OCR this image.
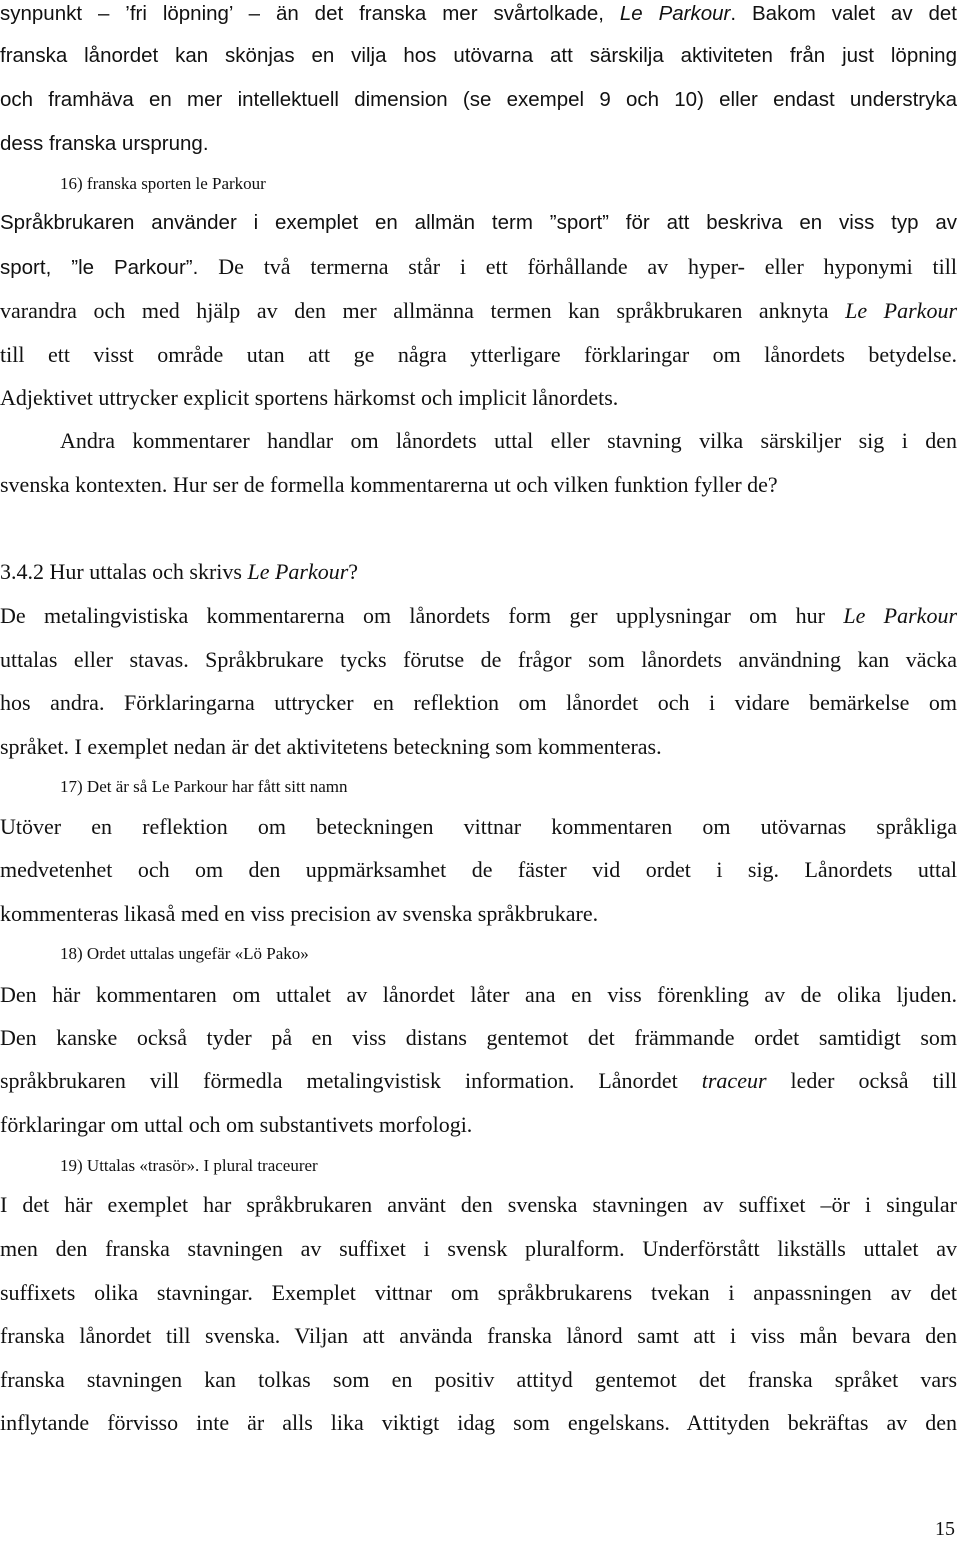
synpunkt – ’fri löpning’ – än det franska mer svårtolkade, Le Parkour. Bakom valet av det

franska lånordet kan skönjas en vilja hos utövarna att särskilja aktiviteten från just löpning

och framhäva en mer intellektuell dimension (se exempel 9 och 10) eller endast understryka

dess franska ursprung.

16) franska sporten le Parkour

Språkbrukaren använder i exemplet en allmän term ”sport” för att beskriva en viss typ av

sport, ”le Parkour”. De två termerna står i ett förhållande av hyper- eller hyponymi till

varandra och med hjälp av den mer allmänna termen kan språkbrukaren anknyta Le Parkour

till ett visst område utan att ge några ytterligare förklaringar om lånordets betydelse.

Adjektivet uttrycker explicit sportens härkomst och implicit lånordets.

Andra kommentarer handlar om lånordets uttal eller stavning vilka särskiljer sig i den

svenska kontexten. Hur ser de formella kommentarerna ut och vilken funktion fyller de?

3.4.2 Hur uttalas och skrivs Le Parkour?

De metalingvistiska kommentarerna om lånordets form ger upplysningar om hur Le Parkour

uttalas eller stavas. Språkbrukare tycks förutse de frågor som lånordets användning kan väcka

hos andra. Förklaringarna uttrycker en reflektion om lånordet och i vidare bemärkelse om

språket. I exemplet nedan är det aktivitetens beteckning som kommenteras.

17) Det är så Le Parkour har fått sitt namn

Utöver en reflektion om beteckningen vittnar kommentaren om utövarnas språkliga

medvetenhet och om den uppmärksamhet de fäster vid ordet i sig. Lånordets uttal

kommenteras likaså med en viss precision av svenska språkbrukare.

18) Ordet uttalas ungefär «Lö Pako»

Den här kommentaren om uttalet av lånordet låter ana en viss förenkling av de olika ljuden.

Den kanske också tyder på en viss distans gentemot det främmande ordet samtidigt som

språkbrukaren vill förmedla metalingvistisk information. Lånordet traceur leder också till

förklaringar om uttal och om substantivets morfologi.

19) Uttalas «trasör». I plural traceurer

I det här exemplet har språkbrukaren använt den svenska stavningen av suffixet –ör i singular

men den franska stavningen av suffixet i svensk pluralform. Underförstått likställs uttalet av

suffixets olika stavningar. Exemplet vittnar om språkbrukarens tvekan i anpassningen av det

franska lånordet till svenska. Viljan att använda franska lånord samt att i viss mån bevara den

franska stavningen kan tolkas som en positiv attityd gentemot det franska språket vars

inflytande förvisso inte är alls lika viktigt idag som engelskans. Attityden bekräftas av den

15
